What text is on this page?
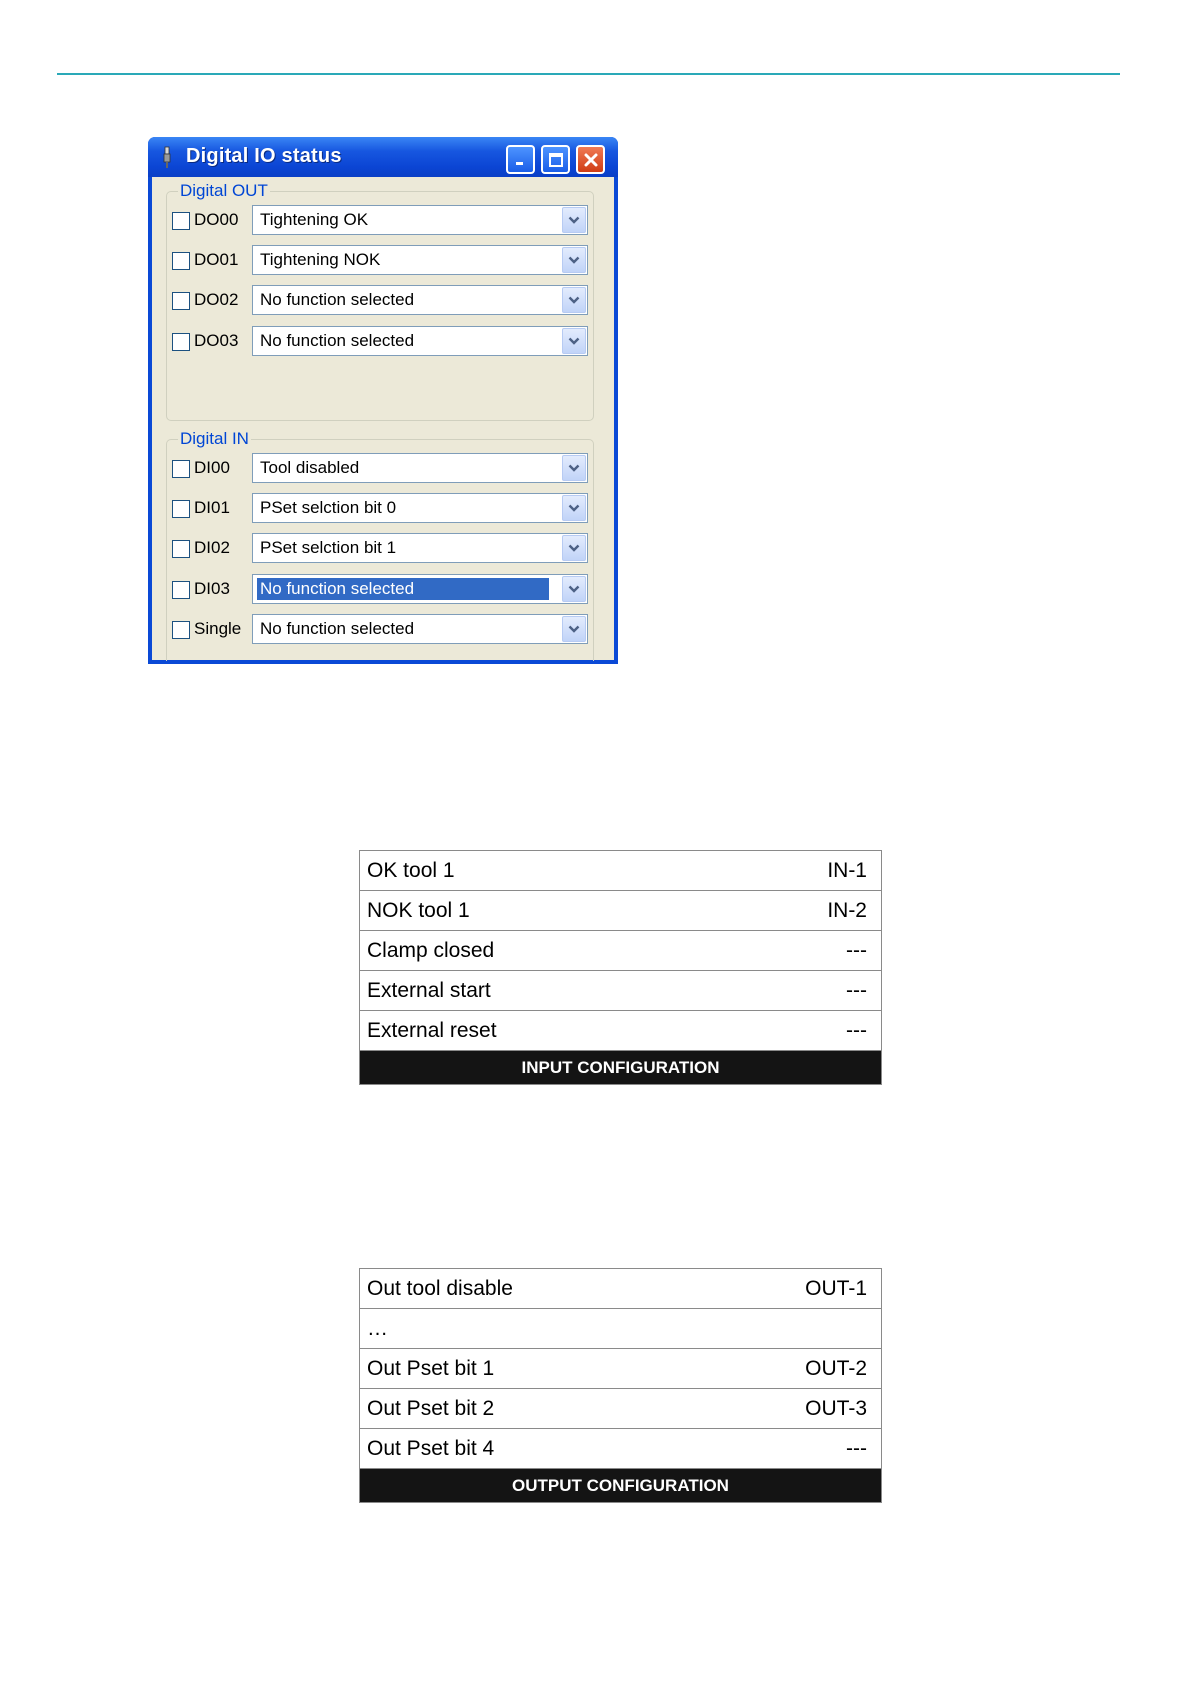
Digital IO status
Digital OUT
DO00 Tightening OK
DO01 Tightening NOK
DO02 No function selected
DO03 No function selected
Digital IN
DI00 Tool disabled
DI01 PSet selction bit 0
DI02 PSet selction bit 1
DI03 No function selected
Single No function selected
OK tool 1	IN-1
NOK tool 1	IN-2
Clamp closed	---
External start	---
External reset	---
INPUT CONFIGURATION
Out tool disable	OUT-1
…
Out Pset bit 1	OUT-2
Out Pset bit 2	OUT-3
Out Pset bit 4	---
OUTPUT CONFIGURATION
